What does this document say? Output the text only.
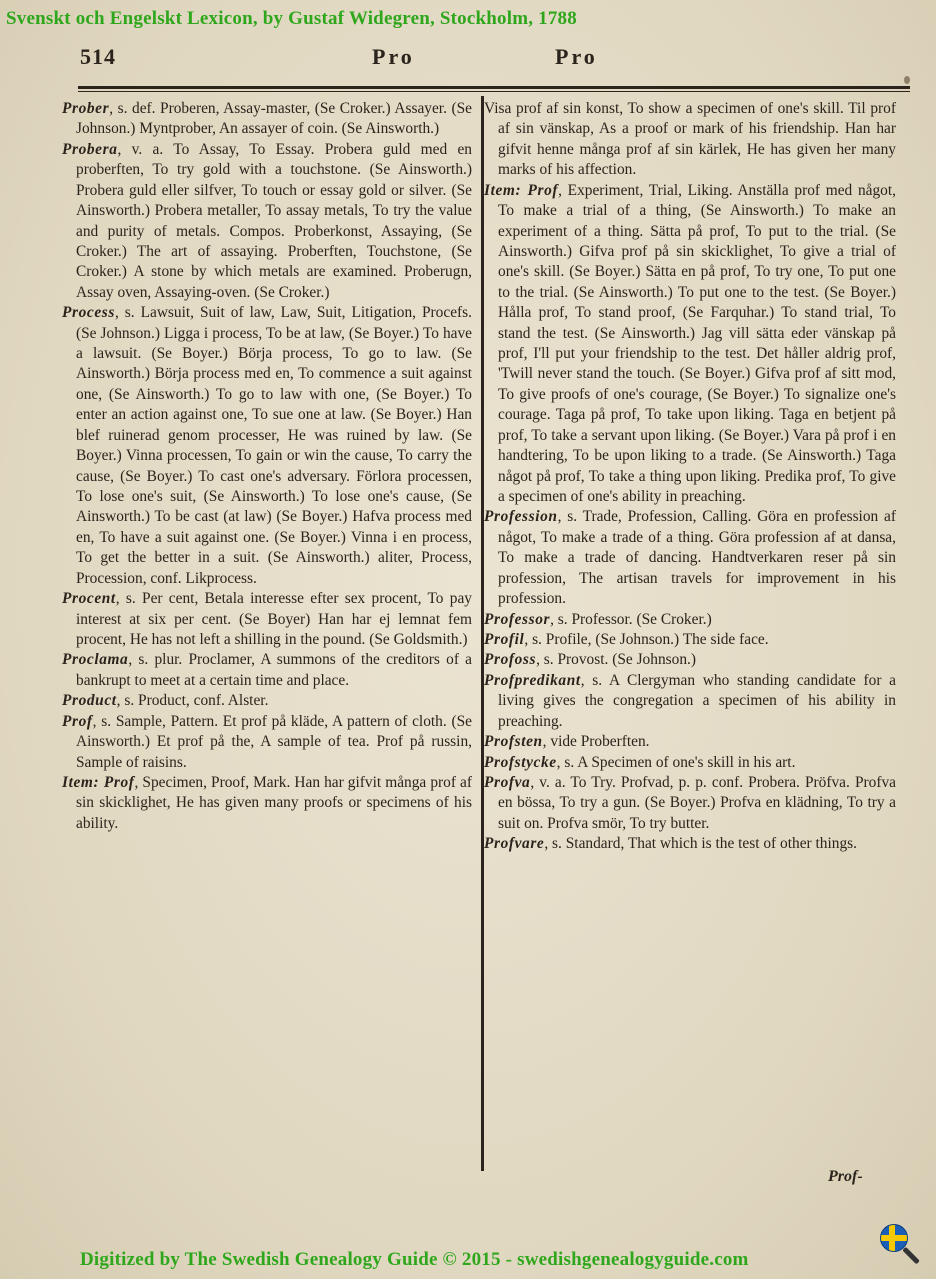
Svenskt och Engelskt Lexicon, by Gustaf Widegren, Stockholm, 1788
514	Pro	Pro

Prober, s. def. Proberen, Assay-master, (Se Croker.) Assayer. (Se Johnson.) Myntprober, An assayer of coin. (Se Ainsworth.)

Probera, v. a. To Assay, To Essay. Probera guld med en proberften, To try gold with a touchstone. (Se Ainsworth.) Probera guld eller silfver, To touch or essay gold or silver. (Se Ainsworth.) Probera metaller, To assay metals, To try the value and purity of metals. Compos. Proberkonst, Assaying, (Se Croker.) The art of assaying. Proberften, Touchstone, (Se Croker.) A stone by which metals are examined. Proberugn, Assay oven, Assaying-oven. (Se Croker.)

Process, s. Lawsuit, Suit of law, Law, Suit, Litigation, Procefs. (Se Johnson.) Ligga i process, To be at law, (Se Boyer.) To have a lawsuit. (Se Boyer.) Börja process, To go to law. (Se Ainsworth.) Börja process med en, To commence a suit against one, (Se Ainsworth.) To go to law with one, (Se Boyer.) To enter an action against one, To sue one at law. (Se Boyer.) Han blef ruinerad genom processer, He was ruined by law. (Se Boyer.) Vinna processen, To gain or win the cause, To carry the cause, (Se Boyer.) To cast one's adversary. Förlora processen, To lose one's suit, (Se Ainsworth.) To lose one's cause, (Se Ainsworth.) To be cast (at law) (Se Boyer.) Hafva process med en, To have a suit against one. (Se Boyer.) Vinna i en process, To get the better in a suit. (Se Ainsworth.) aliter, Process, Procession, conf. Likprocess.

Procent, s. Per cent, Betala interesse efter sex procent, To pay interest at six per cent. (Se Boyer) Han har ej lemnat fem procent, He has not left a shilling in the pound. (Se Goldsmith.)

Proclama, s. plur. Proclamer, A summons of the creditors of a bankrupt to meet at a certain time and place.

Product, s. Product, conf. Alster.

Prof, s. Sample, Pattern. Et prof på kläde, A pattern of cloth. (Se Ainsworth.) Et prof på the, A sample of tea. Prof på russin, Sample of raisins.

Item: Prof, Specimen, Proof, Mark. Han har gifvit många prof af sin skicklighet, He has given many proofs or specimens of his ability.

Visa prof af sin konst, To show a specimen of one's skill. Til prof af sin vänskap, As a proof or mark of his friendship. Han har gifvit henne många prof af sin kärlek, He has given her many marks of his affection.

Item: Prof, Experiment, Trial, Liking. Anställa prof med något, To make a trial of a thing, (Se Ainsworth.) To make an experiment of a thing. Sätta på prof, To put to the trial. (Se Ainsworth.) Gifva prof på sin skicklighet, To give a trial of one's skill. (Se Boyer.) Sätta en på prof, To try one, To put one to the trial. (Se Ainsworth.) To put one to the test. (Se Boyer.) Hålla prof, To stand proof, (Se Farquhar.) To stand trial, To stand the test. (Se Ainsworth.) Jag vill sätta eder vänskap på prof, I'll put your friendship to the test. Det håller aldrig prof, 'Twill never stand the touch. (Se Boyer.) Gifva prof af sitt mod, To give proofs of one's courage, (Se Boyer.) To signalize one's courage. Taga på prof, To take upon liking. Taga en betjent på prof, To take a servant upon liking. (Se Boyer.) Vara på prof i en handtering, To be upon liking to a trade. (Se Ainsworth.) Taga något på prof, To take a thing upon liking. Predika prof, To give a specimen of one's ability in preaching.

Profession, s. Trade, Profession, Calling. Göra en profession af något, To make a trade of a thing. Göra profession af at dansa, To make a trade of dancing. Handtverkaren reser på sin profession, The artisan travels for improvement in his profession.

Professor, s. Professor. (Se Croker.)

Profil, s. Profile, (Se Johnson.) The side face.

Profoss, s. Provost. (Se Johnson.)

Profpredikant, s. A Clergyman who standing candidate for a living gives the congregation a specimen of his ability in preaching.

Profsten, vide Proberften.

Profstycke, s. A Specimen of one's skill in his art.

Profva, v. a. To Try. Profvad, p. p. conf. Probera. Pröfva. Profva en bössa, To try a gun. (Se Boyer.) Profva en klädning, To try a suit on. Profva smör, To try butter.

Profvare, s. Standard, That which is the test of other things.

Prof-
Digitized by The Swedish Genealogy Guide © 2015 - swedishgenealogyguide.com
